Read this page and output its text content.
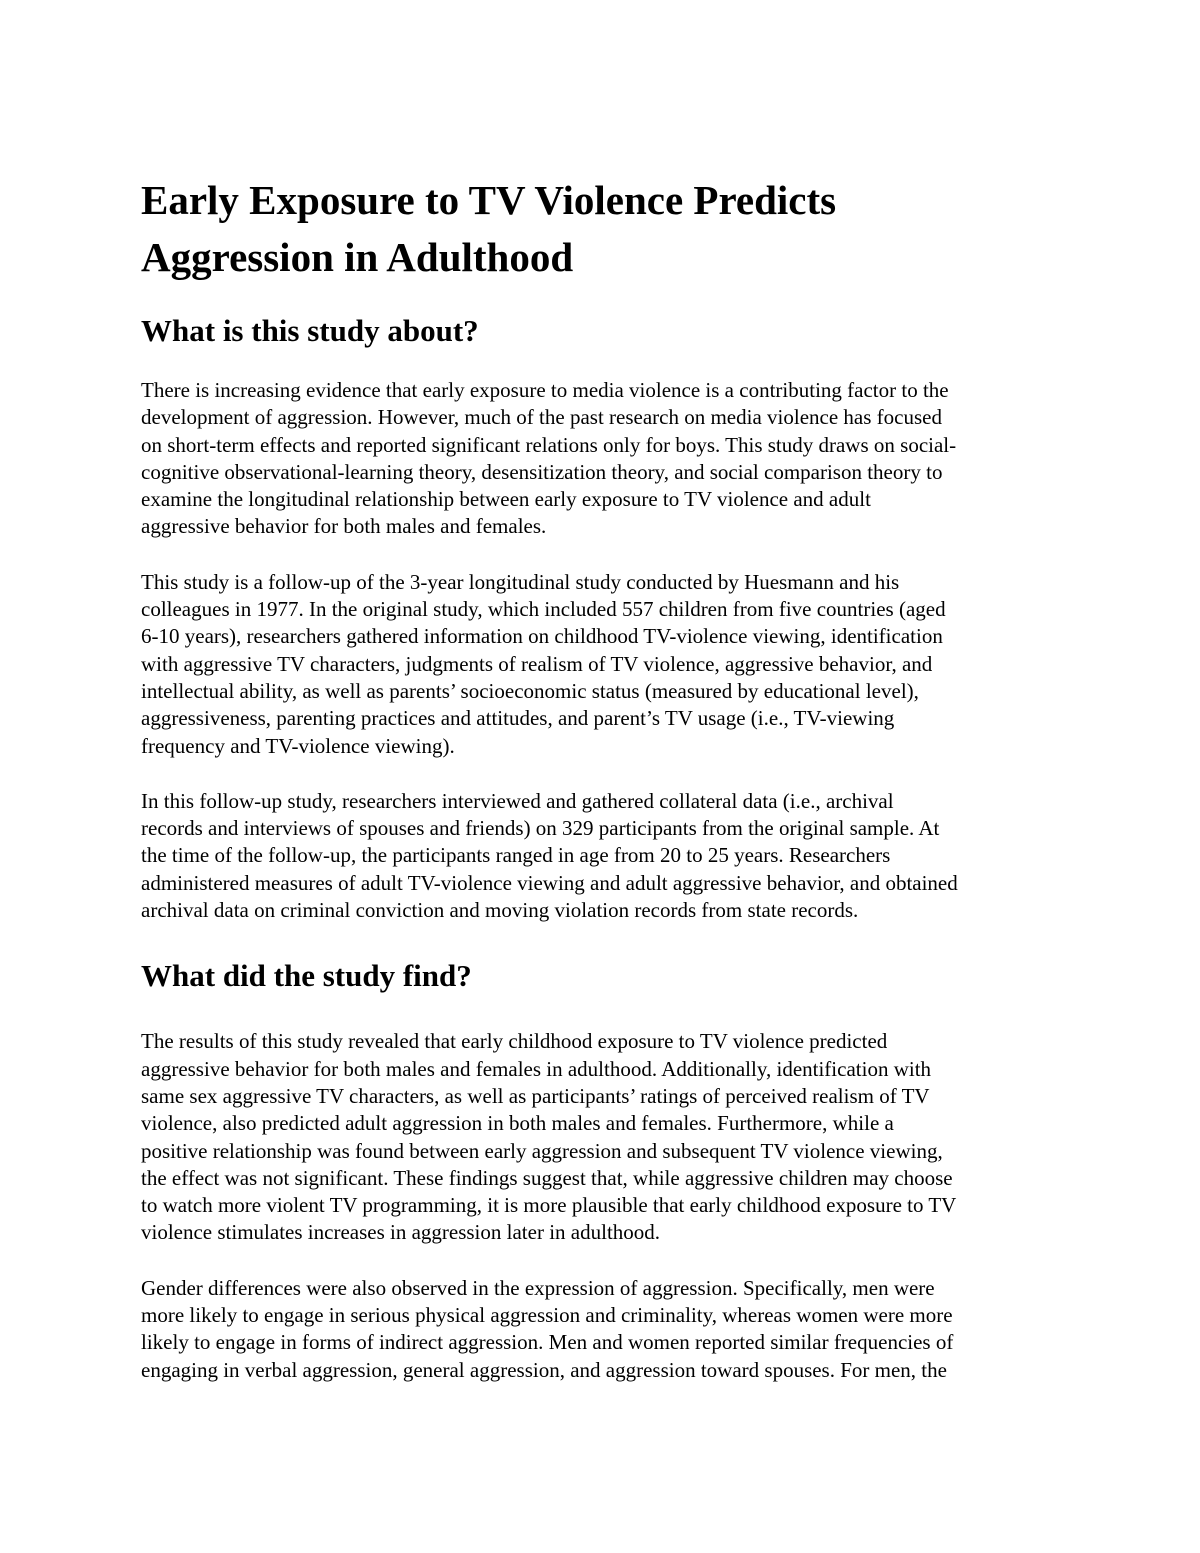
Early Exposure to TV Violence Predicts
Aggression in Adulthood
What is this study about?

There is increasing evidence that early exposure to media violence is a contributing factor to the
development of aggression. However, much of the past research on media violence has focused
on short-term effects and reported significant relations only for boys. This study draws on social-
cognitive observational-learning theory, desensitization theory, and social comparison theory to
examine the longitudinal relationship between early exposure to TV violence and adult
aggressive behavior for both males and females.

This study is a follow-up of the 3-year longitudinal study conducted by Huesmann and his
colleagues in 1977. In the original study, which included 557 children from five countries (aged
6-10 years), researchers gathered information on childhood TV-violence viewing, identification
with aggressive TV characters, judgments of realism of TV violence, aggressive behavior, and
intellectual ability, as well as parents’ socioeconomic status (measured by educational level),
aggressiveness, parenting practices and attitudes, and parent’s TV usage (i.e., TV-viewing
frequency and TV-violence viewing).

In this follow-up study, researchers interviewed and gathered collateral data (i.e., archival
records and interviews of spouses and friends) on 329 participants from the original sample. At
the time of the follow-up, the participants ranged in age from 20 to 25 years. Researchers
administered measures of adult TV-violence viewing and adult aggressive behavior, and obtained
archival data on criminal conviction and moving violation records from state records.

What did the study find?

The results of this study revealed that early childhood exposure to TV violence predicted
aggressive behavior for both males and females in adulthood. Additionally, identification with
same sex aggressive TV characters, as well as participants’ ratings of perceived realism of TV
violence, also predicted adult aggression in both males and females. Furthermore, while a
positive relationship was found between early aggression and subsequent TV violence viewing,
the effect was not significant. These findings suggest that, while aggressive children may choose
to watch more violent TV programming, it is more plausible that early childhood exposure to TV
violence stimulates increases in aggression later in adulthood.

Gender differences were also observed in the expression of aggression. Specifically, men were
more likely to engage in serious physical aggression and criminality, whereas women were more
likely to engage in forms of indirect aggression. Men and women reported similar frequencies of
engaging in verbal aggression, general aggression, and aggression toward spouses. For men, the
